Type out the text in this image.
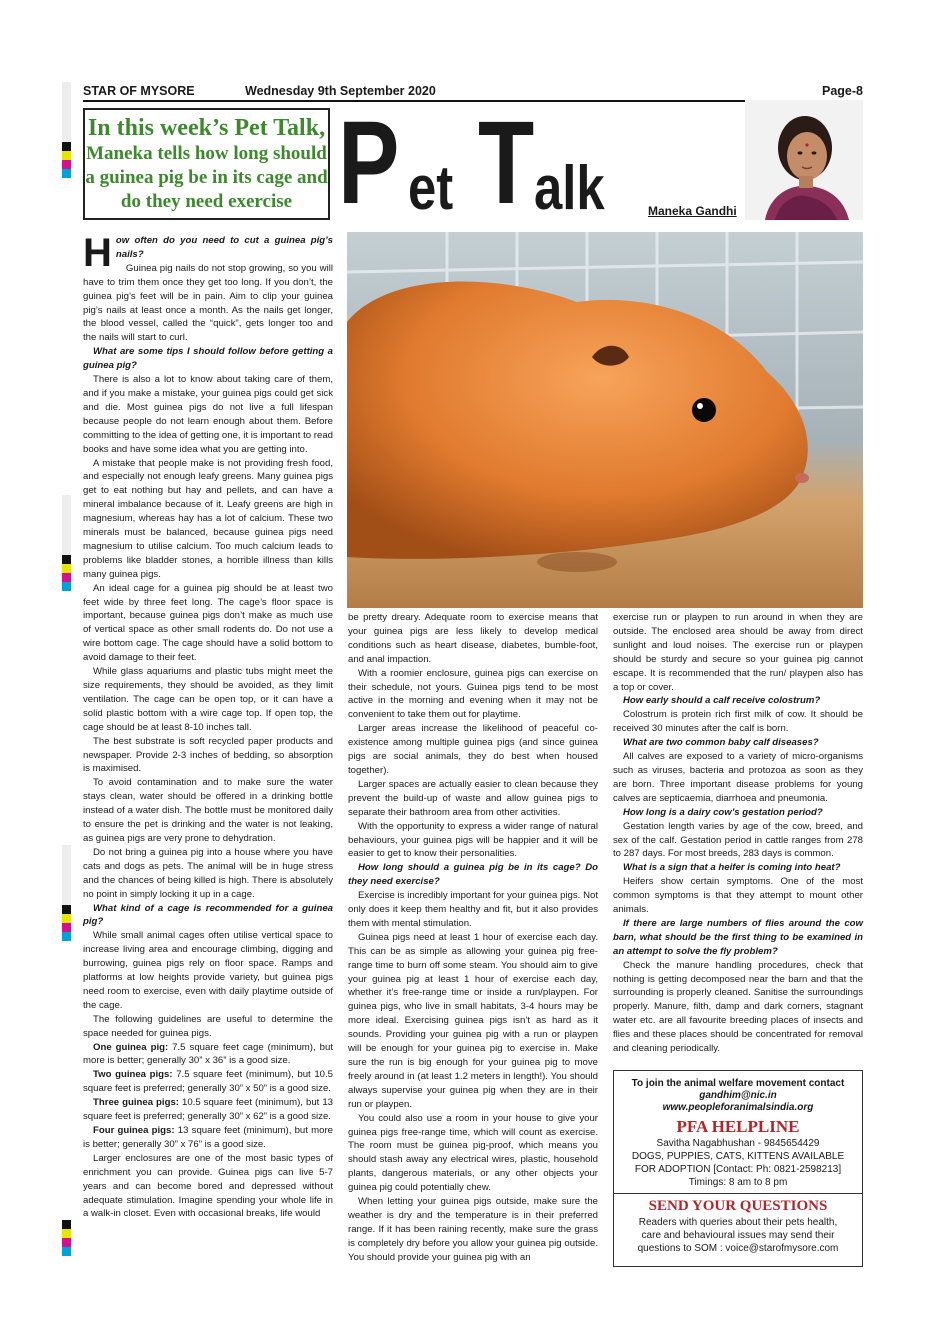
STAR OF MYSORE	Wednesday 9th September 2020	Page-8
In this week’s Pet Talk,
Maneka tells how long should
a guinea pig be in its cage and
do they need exercise P et T alk	Maneka Gandhi
H ow often do you need to cut a guinea pig’s nails?

Guinea pig nails do not stop growing, so you will have to trim them once they get too long. If you don’t, the guinea pig’s feet will be in pain. Aim to clip your guinea pig’s nails at least once a month. As the nails get longer, the blood vessel, called the “quick”, gets longer too and the nails will start to curl.

What are some tips I should follow before getting a guinea pig?

There is also a lot to know about taking care of them, and if you make a mistake, your guinea pigs could get sick and die. Most guinea pigs do not live a full lifespan because people do not learn enough about them. Before committing to the idea of getting one, it is important to read books and have some idea what you are getting into.

A mistake that people make is not providing fresh food, and especially not enough leafy greens. Many guinea pigs get to eat nothing but hay and pellets, and can have a mineral imbalance because of it. Leafy greens are high in magnesium, whereas hay has a lot of calcium. These two minerals must be balanced, because guinea pigs need magnesium to utilise calcium. Too much calcium leads to problems like bladder stones, a horrible illness than kills many guinea pigs.

An ideal cage for a guinea pig should be at least two feet wide by three feet long. The cage’s floor space is important, because guinea pigs don’t make as much use of vertical space as other small rodents do. Do not use a wire bottom cage. The cage should have a solid bottom to avoid damage to their feet.

While glass aquariums and plastic tubs might meet the size requirements, they should be avoided, as they limit ventilation. The cage can be open top, or it can have a solid plastic bottom with a wire cage top. If open top, the cage should be at least 8-10 inches tall.

The best substrate is soft recycled paper products and newspaper. Provide 2-3 inches of bedding, so absorption is maximised.

To avoid contamination and to make sure the water stays clean, water should be offered in a drinking bottle instead of a water dish. The bottle must be monitored daily to ensure the pet is drinking and the water is not leaking, as guinea pigs are very prone to dehydration.

Do not bring a guinea pig into a house where you have cats and dogs as pets. The animal will be in huge stress and the chances of being killed is high. There is absolutely no point in simply locking it up in a cage.

What kind of a cage is recommended for a guinea pig?

While small animal cages often utilise vertical space to increase living area and encourage climbing, digging and burrowing, guinea pigs rely on floor space. Ramps and platforms at low heights provide variety, but guinea pigs need room to exercise, even with daily playtime outside of the cage.

The following guidelines are useful to determine the space needed for guinea pigs.

One guinea pig: 7.5 square feet cage (minimum), but more is better; generally 30” x 36” is a good size.

Two guinea pigs: 7.5 square feet (minimum), but 10.5 square feet is preferred; generally 30” x 50” is a good size.

Three guinea pigs: 10.5 square feet (minimum), but 13 square feet is preferred; generally 30” x 62” is a good size.

Four guinea pigs: 13 square feet (minimum), but more is better; generally 30” x 76” is a good size.

Larger enclosures are one of the most basic types of enrichment you can provide. Guinea pigs can live 5-7 years and can become bored and depressed without adequate stimulation. Imagine spending your whole life in a walk-in closet. Even with occasional breaks, life would

be pretty dreary. Adequate room to exercise means that your guinea pigs are less likely to develop medical conditions such as heart disease, diabetes, bumble-foot, and anal impaction.

With a roomier enclosure, guinea pigs can exercise on their schedule, not yours. Guinea pigs tend to be most active in the morning and evening when it may not be convenient to take them out for playtime.

Larger areas increase the likelihood of peaceful co-existence among multiple guinea pigs (and since guinea pigs are social animals, they do best when housed together).

Larger spaces are actually easier to clean because they prevent the build-up of waste and allow guinea pigs to separate their bathroom area from other activities.

With the opportunity to express a wider range of natural behaviours, your guinea pigs will be happier and it will be easier to get to know their personalities.

How long should a guinea pig be in its cage? Do they need exercise?

Exercise is incredibly important for your guinea pigs. Not only does it keep them healthy and fit, but it also provides them with mental stimulation.

Guinea pigs need at least 1 hour of exercise each day. This can be as simple as allowing your guinea pig free-range time to burn off some steam. You should aim to give your guinea pig at least 1 hour of exercise each day, whether it’s free-range time or inside a run/playpen. For guinea pigs, who live in small habitats, 3-4 hours may be more ideal. Exercising guinea pigs isn’t as hard as it sounds. Providing your guinea pig with a run or playpen will be enough for your guinea pig to exercise in. Make sure the run is big enough for your guinea pig to move freely around in (at least 1.2 meters in length!). You should always supervise your guinea pig when they are in their run or playpen.

You could also use a room in your house to give your guinea pigs free-range time, which will count as exercise. The room must be guinea pig-proof, which means you should stash away any electrical wires, plastic, household plants, dangerous materials, or any other objects your guinea pig could potentially chew.

When letting your guinea pigs outside, make sure the weather is dry and the temperature is in their preferred range. If it has been raining recently, make sure the grass is completely dry before you allow your guinea pig outside. You should provide your guinea pig with an

exercise run or playpen to run around in when they are outside. The enclosed area should be away from direct sunlight and loud noises. The exercise run or playpen should be sturdy and secure so your guinea pig cannot escape. It is recommended that the run/ playpen also has a top or cover.

How early should a calf receive colostrum?

Colostrum is protein rich first milk of cow. It should be received 30 minutes after the calf is born.

What are two common baby calf diseases?

All calves are exposed to a variety of micro-organisms such as viruses, bacteria and protozoa as soon as they are born. Three important disease problems for young calves are septicaemia, diarrhoea and pneumonia.

How long is a dairy cow’s gestation period?

Gestation length varies by age of the cow, breed, and sex of the calf. Gestation period in cattle ranges from 278 to 287 days. For most breeds, 283 days is common.

What is a sign that a heifer is coming into heat?

Heifers show certain symptoms. One of the most common symptoms is that they attempt to mount other animals.

If there are large numbers of flies around the cow barn, what should be the first thing to be examined in an attempt to solve the fly problem?

Check the manure handling procedures, check that nothing is getting decomposed near the barn and that the surrounding is properly cleaned. Sanitise the surroundings properly. Manure, filth, damp and dark corners, stagnant water etc. are all favourite breeding places of insects and flies and these places should be concentrated for removal and cleaning periodically.

To join the animal welfare movement contact
gandhim@nic.in
www.peopleforanimalsindia.org
PFA HELPLINE
Savitha Nagabhushan - 9845654429
DOGS, PUPPIES, CATS, KITTENS AVAILABLE
FOR ADOPTION [Contact: Ph: 0821-2598213]
Timings: 8 am to 8 pm
SEND YOUR QUESTIONS
Readers with queries about their pets health,
care and behavioural issues may send their
questions to SOM : voice@starofmysore.com
